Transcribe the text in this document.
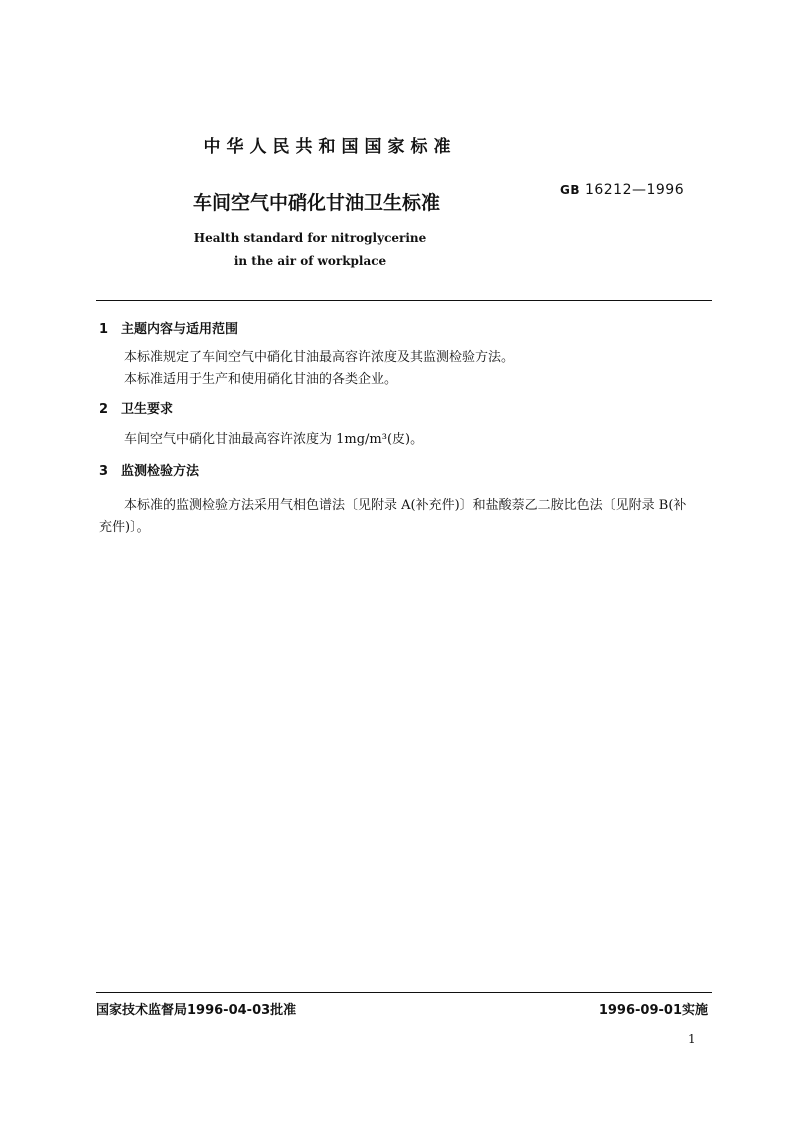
中华人民共和国国家标准
车间空气中硝化甘油卫生标准
GB 16212—1996
Health standard for nitroglycerine
in the air of workplace
1 主题内容与适用范围
本标准规定了车间空气中硝化甘油最高容许浓度及其监测检验方法。
本标准适用于生产和使用硝化甘油的各类企业。
2 卫生要求
车间空气中硝化甘油最高容许浓度为 1mg/m³(皮)。
3 监测检验方法
本标准的监测检验方法采用气相色谱法〔见附录 A(补充件)〕和盐酸萘乙二胺比色法〔见附录 B(补
充件)〕。
国家技术监督局1996-04-03批准	1996-09-01实施
1
